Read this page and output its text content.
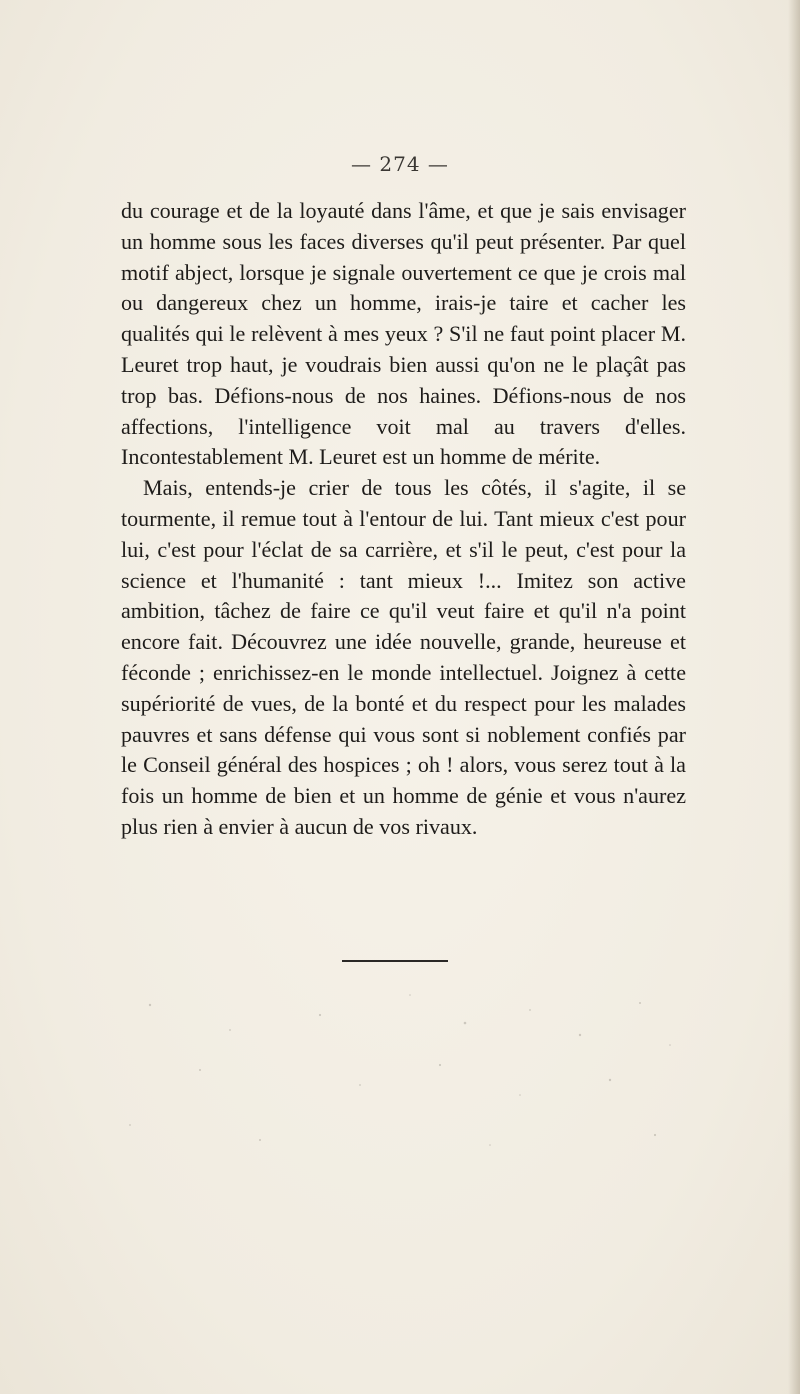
— 274 —

du courage et de la loyauté dans l'âme, et que je sais envisager un homme sous les faces diverses qu'il peut présenter. Par quel motif abject, lorsque je signale ouvertement ce que je crois mal ou dangereux chez un homme, irais-je taire et cacher les qualités qui le relèvent à mes yeux ? S'il ne faut point placer M. Leuret trop haut, je voudrais bien aussi qu'on ne le plaçât pas trop bas. Défions-nous de nos haines. Défions-nous de nos affections, l'intelligence voit mal au travers d'elles. Incontestablement M. Leuret est un homme de mérite.

Mais, entends-je crier de tous les côtés, il s'agite, il se tourmente, il remue tout à l'entour de lui. Tant mieux c'est pour lui, c'est pour l'éclat de sa carrière, et s'il le peut, c'est pour la science et l'humanité : tant mieux !... Imitez son active ambition, tâchez de faire ce qu'il veut faire et qu'il n'a point encore fait. Découvrez une idée nouvelle, grande, heureuse et féconde ; enrichissez-en le monde intellectuel. Joignez à cette supériorité de vues, de la bonté et du respect pour les malades pauvres et sans défense qui vous sont si noblement confiés par le Conseil général des hospices ; oh ! alors, vous serez tout à la fois un homme de bien et un homme de génie et vous n'aurez plus rien à envier à aucun de vos rivaux.
